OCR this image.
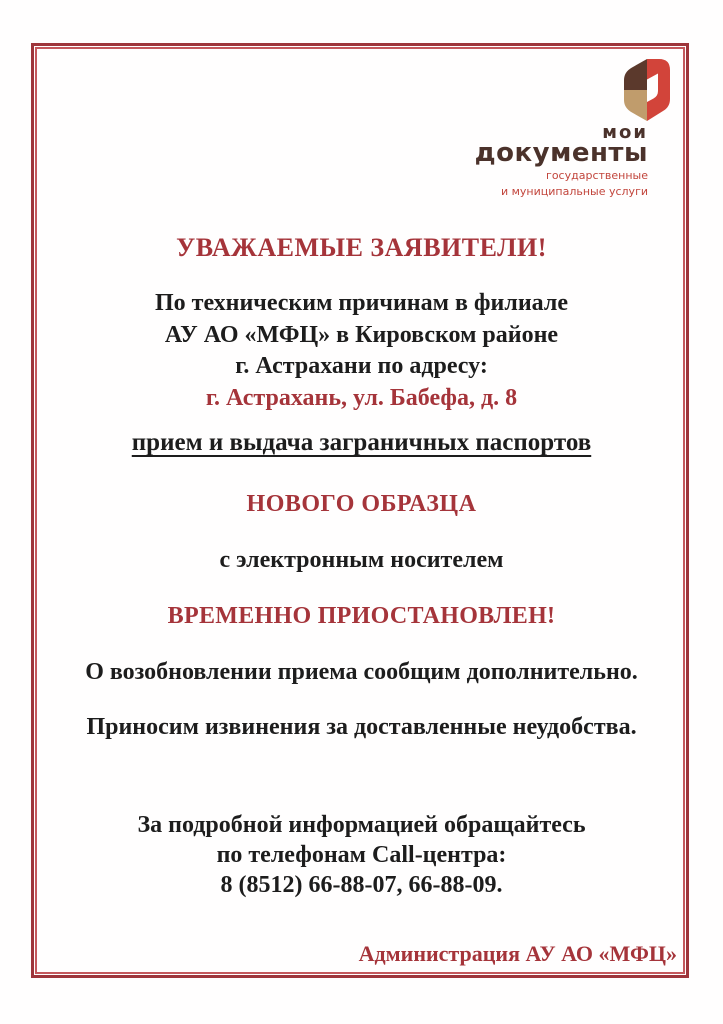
мои
документы
государственные
и муниципальные услуги
УВАЖАЕМЫЕ ЗАЯВИТЕЛИ!
По техническим причинам в филиале
АУ АО «МФЦ» в Кировском районе
г. Астрахани по адресу:
г. Астрахань, ул. Бабефа, д. 8
прием и выдача заграничных паспортов
НОВОГО ОБРАЗЦА
с электронным носителем
ВРЕМЕННО ПРИОСТАНОВЛЕН!
О возобновлении приема сообщим дополнительно.
Приносим извинения за доставленные неудобства.
За подробной информацией обращайтесь
по телефонам Call-центра:
8 (8512) 66-88-07, 66-88-09.
Администрация АУ АО «МФЦ»
